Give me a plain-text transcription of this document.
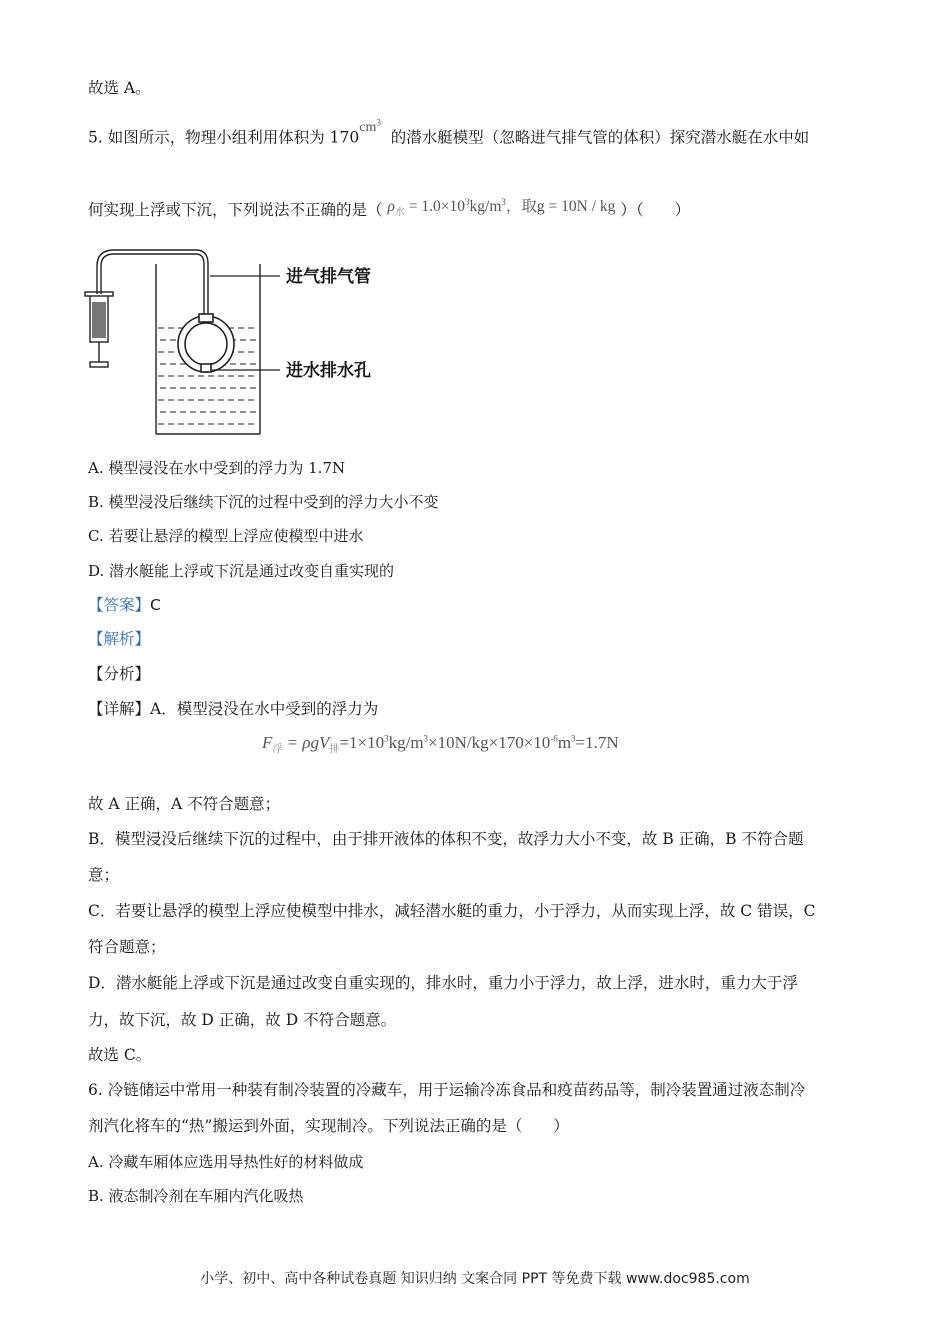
故选 A。
5. 如图所示，物理小组利用体积为 $170cm^3$  的潜水艇模型（忽略进气排气管的体积）探究潜水艇在水中如
何实现上浮或下沉，下列说法不正确的是（ $\rho_水 = 1.0\times 10^3kg/m^3$，取g = 10N / kg ）（　　）
进气排气管
进水排水孔
A. 模型浸没在水中受到的浮力为 1.7N
B. 模型浸没后继续下沉的过程中受到的浮力大小不变
C. 若要让悬浮的模型上浮应使模型中进水
D. 潜水艇能上浮或下沉是通过改变自重实现的
【答案】C
【解析】
【分析】
【详解】A．模型浸没在水中受到的浮力为
$F_浮 = \rho gV_排=1\times 10^3kg/m^3\times 10N/kg\times 170\times 10^{-6}m^3=1.7N$
故 A 正确，A 不符合题意；
B．模型浸没后继续下沉的过程中，由于排开液体的体积不变，故浮力大小不变，故 B 正确，B 不符合题
意；
C．若要让悬浮的模型上浮应使模型中排水，减轻潜水艇的重力，小于浮力，从而实现上浮，故 C 错误，C
符合题意；
D．潜水艇能上浮或下沉是通过改变自重实现的，排水时，重力小于浮力，故上浮，进水时，重力大于浮
力，故下沉，故 D 正确，故 D 不符合题意。
故选 C。
6. 冷链储运中常用一种装有制冷装置的冷藏车，用于运输冷冻食品和疫苗药品等，制冷装置通过液态制冷
剂汽化将车的“热”搬运到外面，实现制冷。下列说法正确的是（　　）
A. 冷藏车厢体应选用导热性好的材料做成
B. 液态制冷剂在车厢内汽化吸热
小学、初中、高中各种试卷真题 知识归纳 文案合同 PPT 等免费下载 www.doc985.com
